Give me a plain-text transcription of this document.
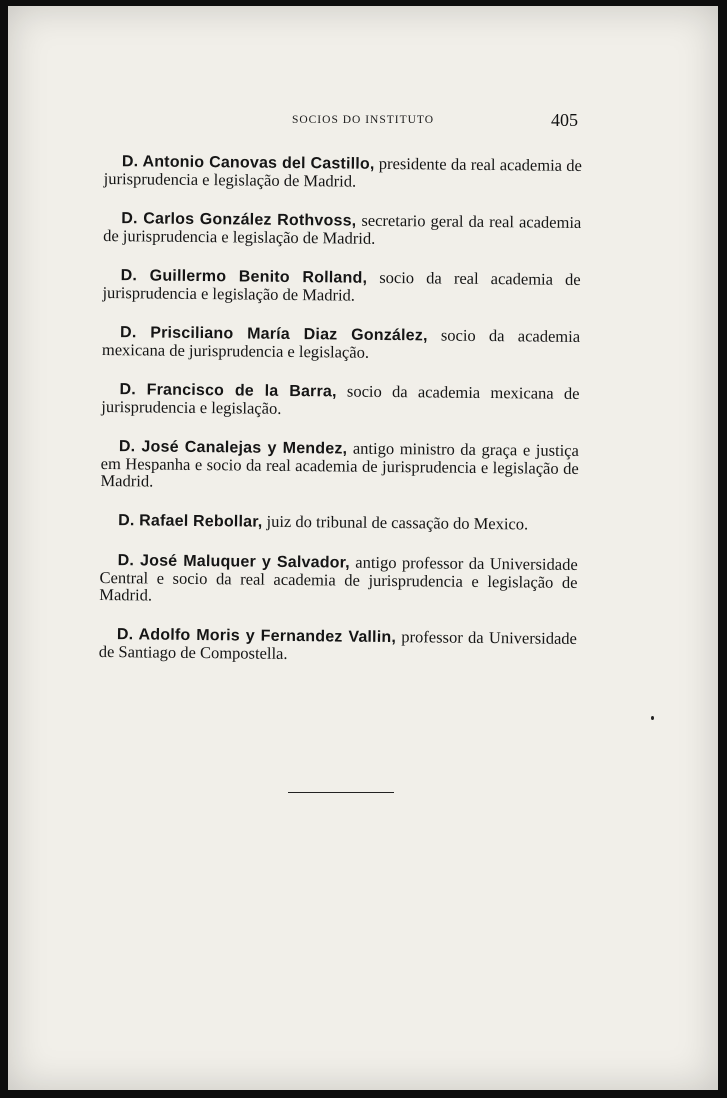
SOCIOS DO INSTITUTO	405

D. Antonio Canovas del Castillo, presidente da real academia de jurisprudencia e legislação de Madrid.

D. Carlos González Rothvoss, secretario geral da real academia de jurisprudencia e legislação de Madrid.

D. Guillermo Benito Rolland, socio da real academia de jurisprudencia e legislação de Madrid.

D. Prisciliano María Diaz González, socio da academia mexicana de jurisprudencia e legislação.

D. Francisco de la Barra, socio da academia mexicana de jurisprudencia e legislação.

D. José Canalejas y Mendez, antigo ministro da graça e justiça em Hespanha e socio da real academia de jurisprudencia e legislação de Madrid.

D. Rafael Rebollar, juiz do tribunal de cassação do Mexico.

D. José Maluquer y Salvador, antigo professor da Universidade Central e socio da real academia de jurisprudencia e legislação de Madrid.

D. Adolfo Moris y Fernandez Vallin, professor da Universidade de Santiago de Compostella.
